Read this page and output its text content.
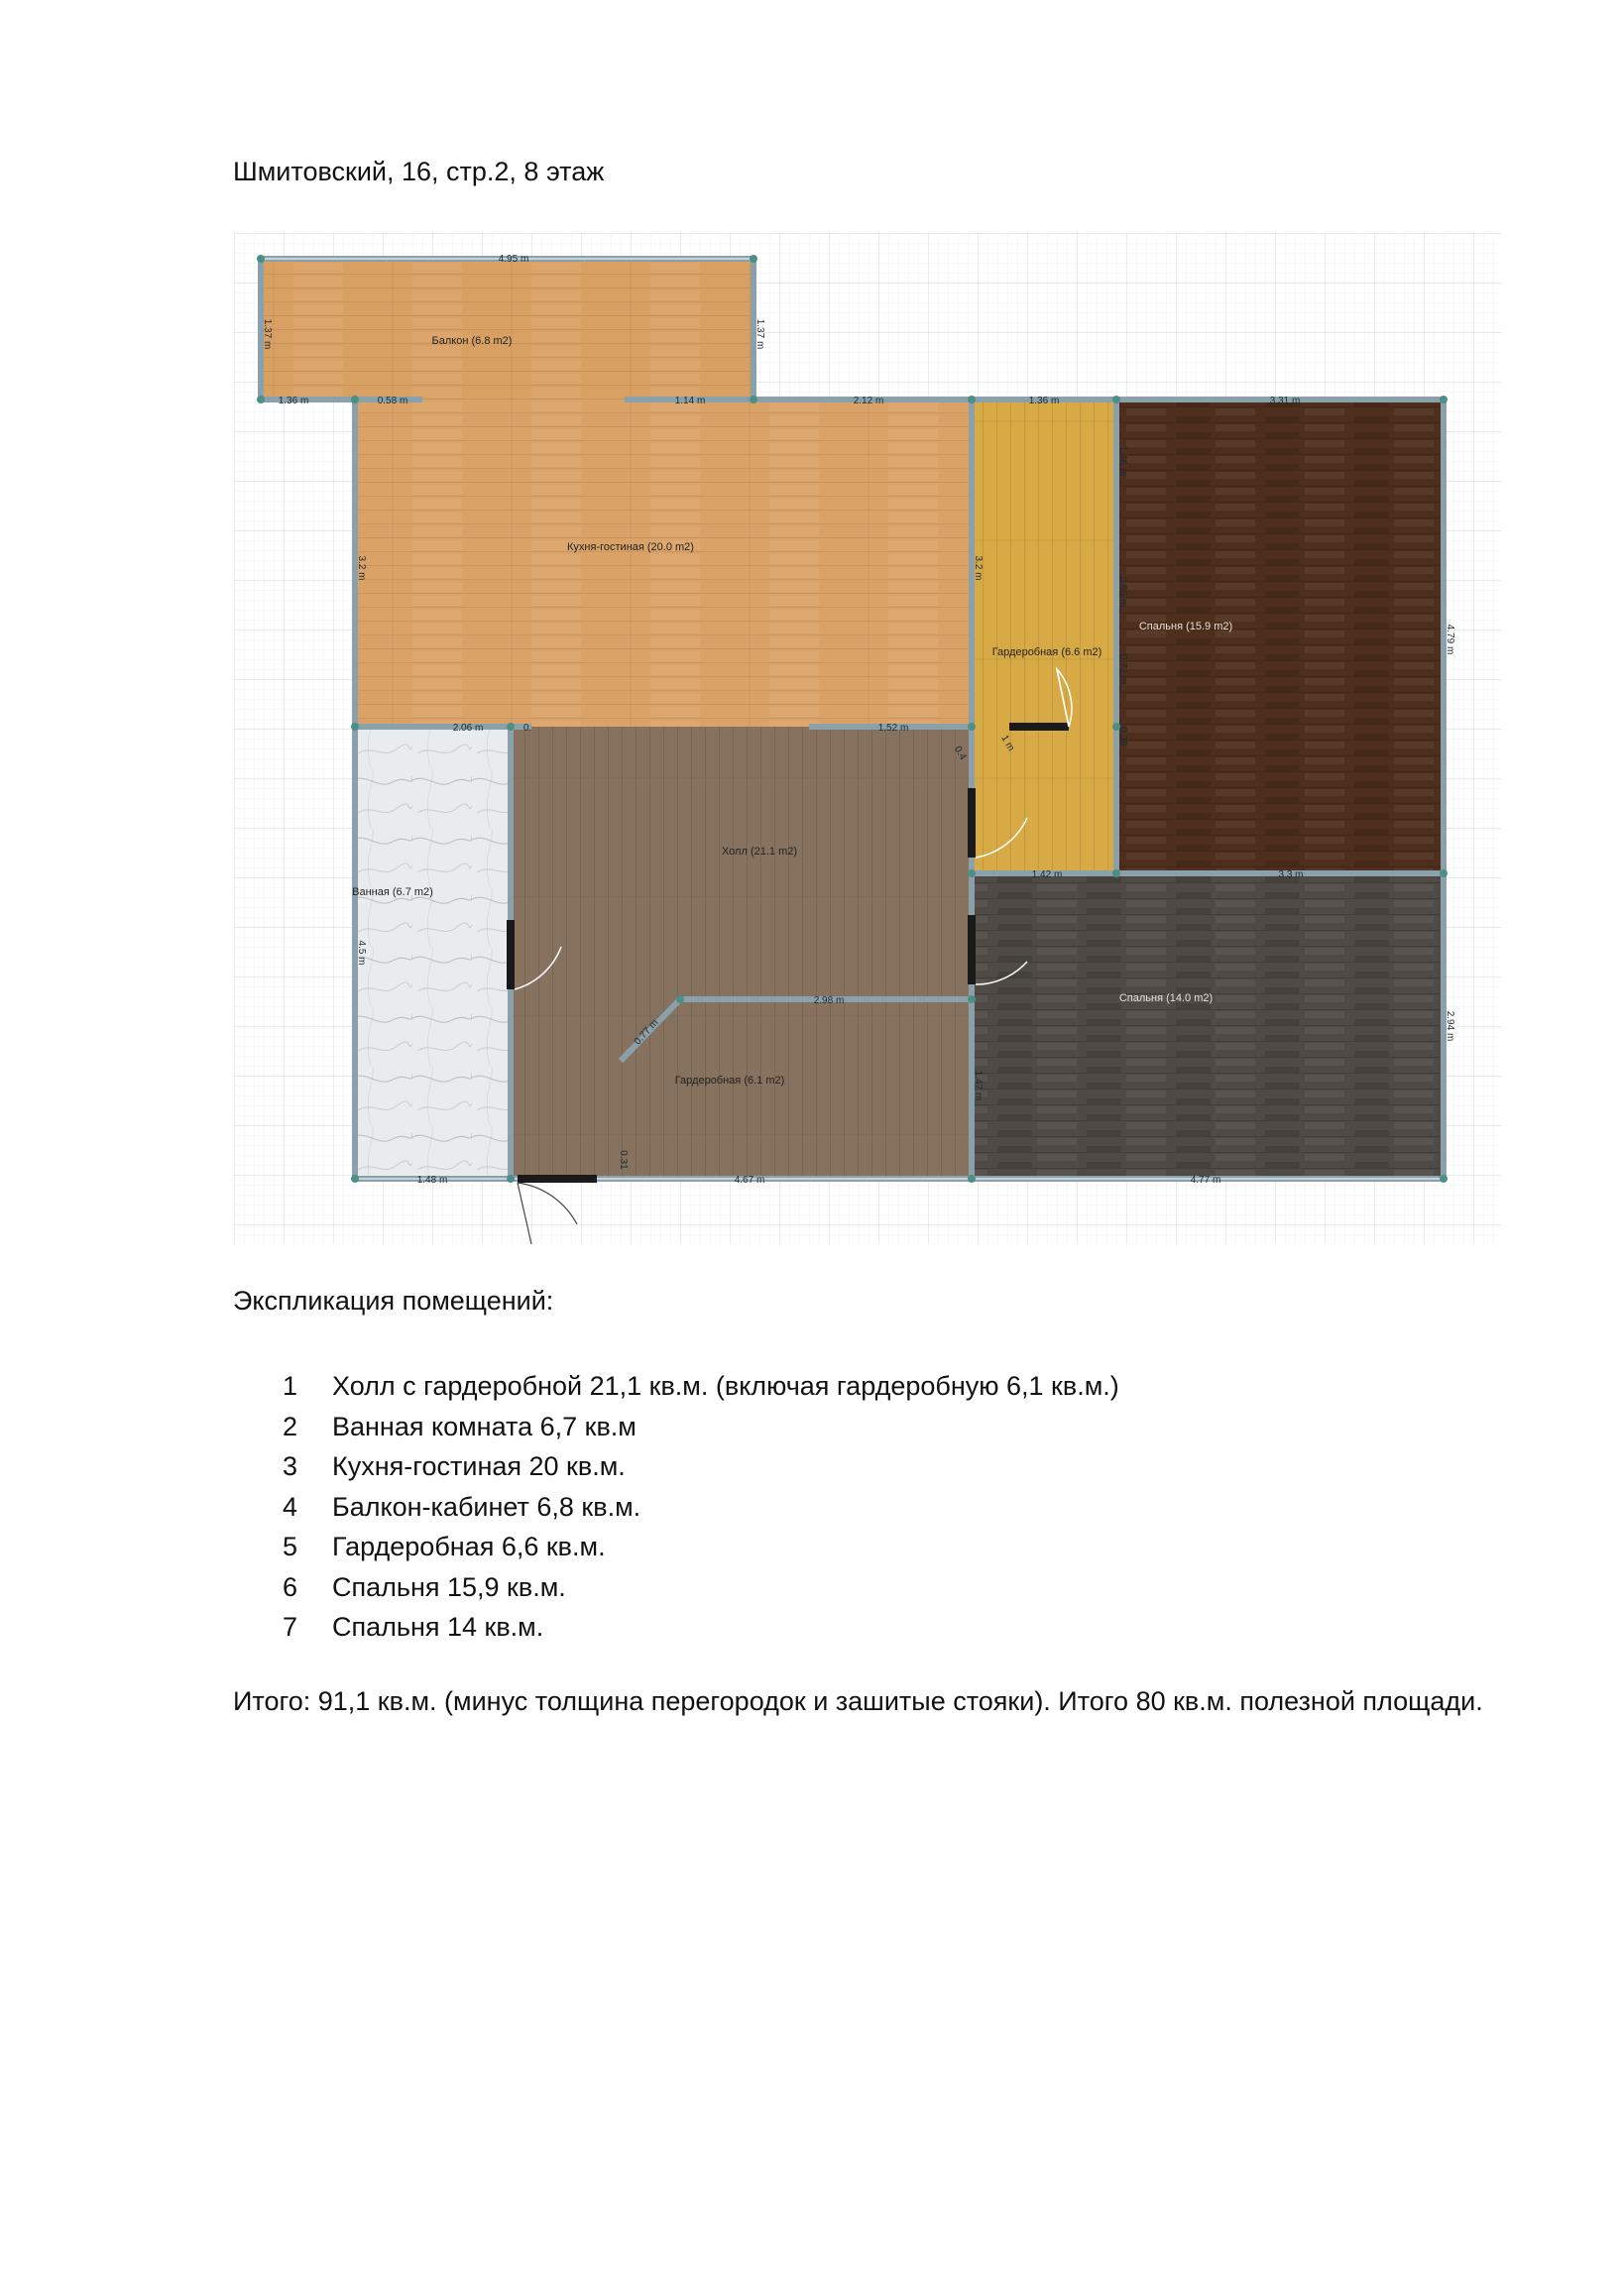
Шмитовский, 16, стр.2, 8 этаж
Балкон (6.8 m2)
Кухня-гостиная (20.0 m2)
Гардеробная (6.6 m2)
Спальня (15.9 m2)
Ванная (6.7 m2)
Холл (21.1 m2)
Гардеробная (6.1 m2)
Спальня (14.0 m2)
4.95 m
1.37 m	1.37 m
1.36 m	0.58 m	1.14 m	2.12 m
3.2 m	3.2 m
2.06 m	0.	1.52 m
1.36 m
1.46 m
0.69 m
0.72 m
0.38
1 m
0.4
3.31 m
4.79 m
1.42 m	3.3 m
2.94 m
4.77 m
4.5 m
1.48 m	4.67 m
2.98 m
0.77 m
1.47 m
0.31
Экспликация помещений:
1 Холл с гардеробной 21,1 кв.м. (включая гардеробную 6,1 кв.м.)
2 Ванная комната 6,7 кв.м
3 Кухня-гостиная 20 кв.м.
4 Балкон-кабинет 6,8 кв.м.
5 Гардеробная 6,6 кв.м.
6 Спальня 15,9 кв.м.
7 Спальня 14 кв.м.
Итого: 91,1 кв.м. (минус толщина перегородок и зашитые стояки). Итого 80 кв.м. полезной площади.
